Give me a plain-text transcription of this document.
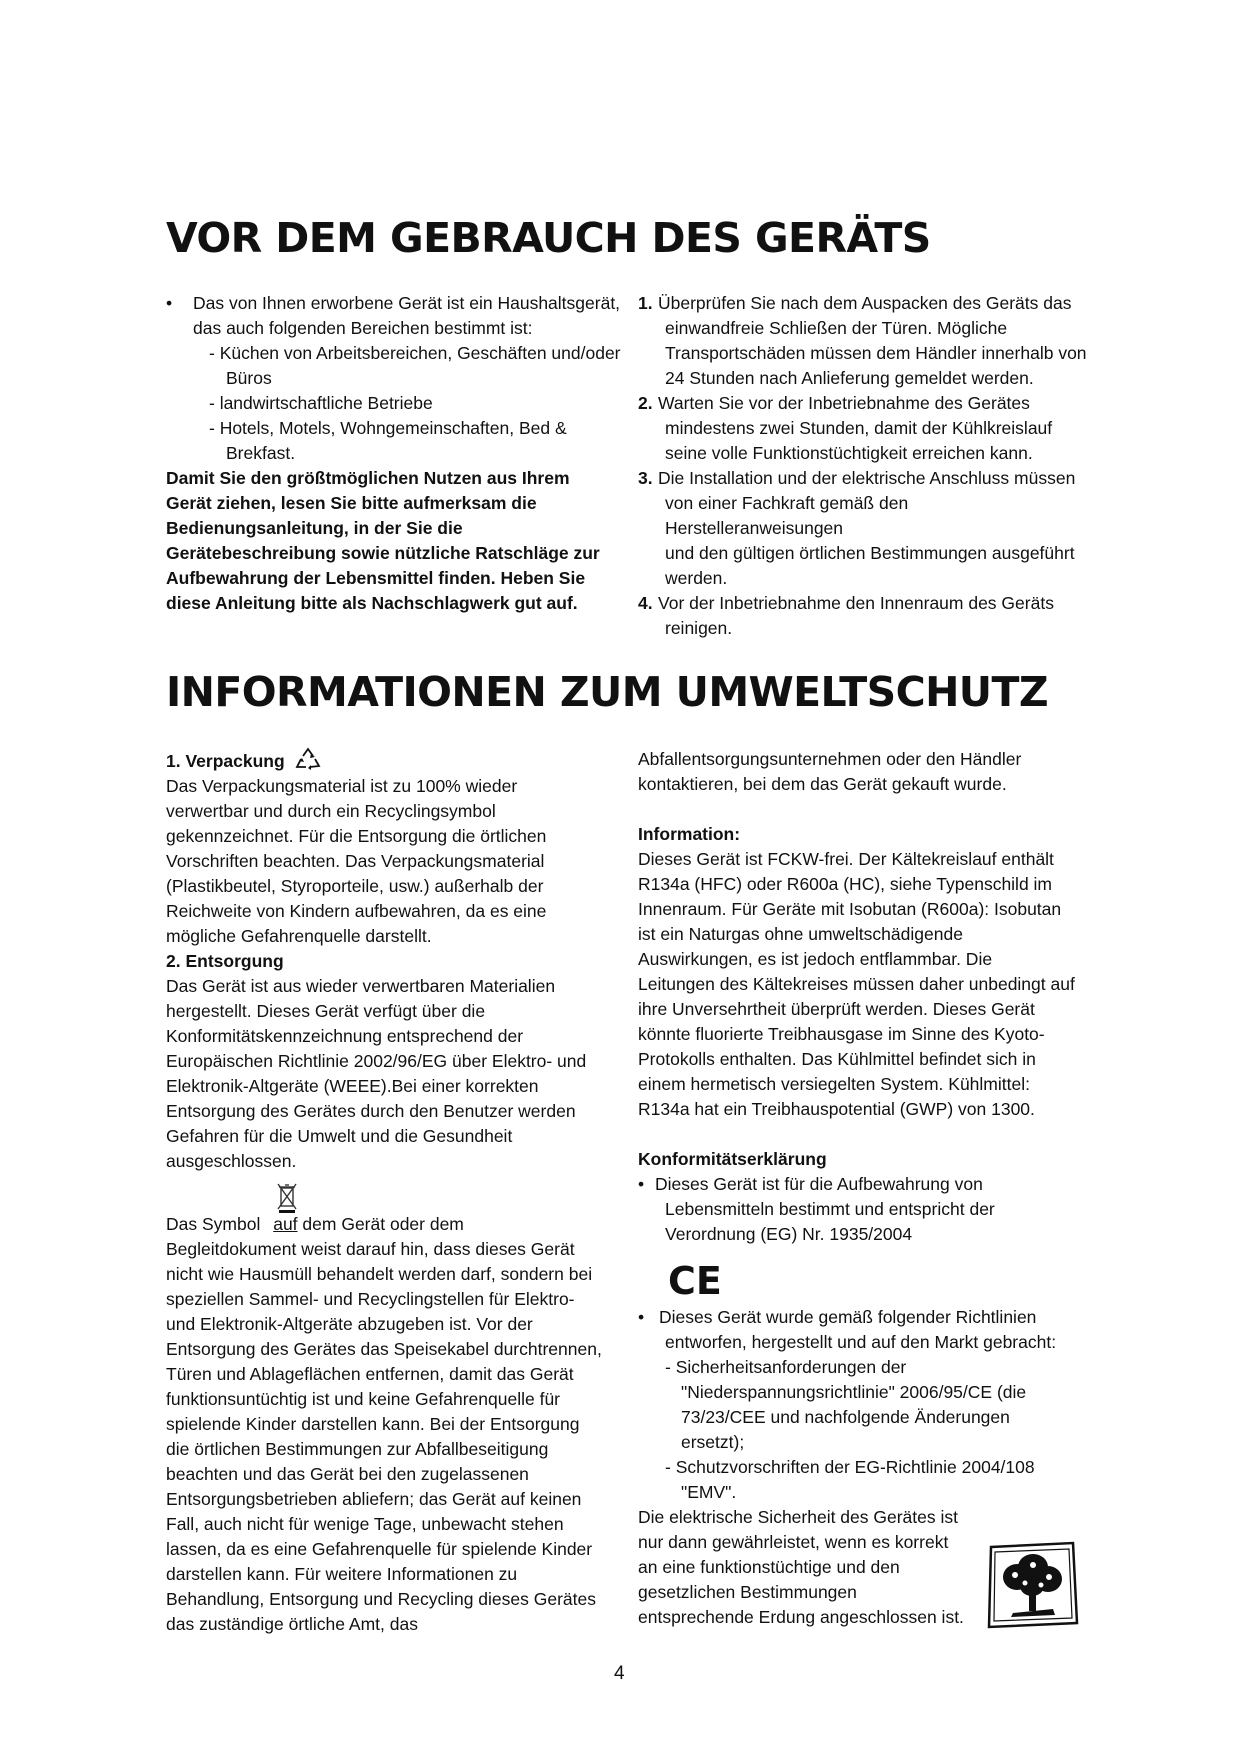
VOR DEM GEBRAUCH DES GERÄTS
•	Das von Ihnen erworbene Gerät ist ein Haushaltsgerät,

das auch folgenden Bereichen bestimmt ist:

- Küchen von Arbeitsbereichen, Geschäften und/oder

Büros

- landwirtschaftliche Betriebe

- Hotels, Motels, Wohngemeinschaften, Bed &

Brekfast.

Damit Sie den größtmöglichen Nutzen aus Ihrem

Gerät ziehen, lesen Sie bitte aufmerksam die

Bedienungsanleitung, in der Sie die

Gerätebeschreibung sowie nützliche Ratschläge zur

Aufbewahrung der Lebensmittel finden. Heben Sie

diese Anleitung bitte als Nachschlagwerk gut auf.

1. Überprüfen Sie nach dem Auspacken des Geräts das

einwandfreie Schließen der Türen. Mögliche

Transportschäden müssen dem Händler innerhalb von

24 Stunden nach Anlieferung gemeldet werden.

2. Warten Sie vor der Inbetriebnahme des Gerätes

mindestens zwei Stunden, damit der Kühlkreislauf

seine volle Funktionstüchtigkeit erreichen kann.

3. Die Installation und der elektrische Anschluss müssen

von einer Fachkraft gemäß den Herstelleranweisungen

und den gültigen örtlichen Bestimmungen ausgeführt

werden.

4. Vor der Inbetriebnahme den Innenraum des Geräts

reinigen.

INFORMATIONEN ZUM UMWELTSCHUTZ

1. Verpackung

Das Verpackungsmaterial ist zu 100% wieder

verwertbar und durch ein Recyclingsymbol

gekennzeichnet. Für die Entsorgung die örtlichen

Vorschriften beachten. Das Verpackungsmaterial

(Plastikbeutel, Styroporteile, usw.) außerhalb der

Reichweite von Kindern aufbewahren, da es eine

mögliche Gefahrenquelle darstellt.

2. Entsorgung

Das Gerät ist aus wieder verwertbaren Materialien

hergestellt. Dieses Gerät verfügt über die

Konformitätskennzeichnung entsprechend der

Europäischen Richtlinie 2002/96/EG über Elektro- und

Elektronik-Altgeräte (WEEE).Bei einer korrekten

Entsorgung des Gerätes durch den Benutzer werden

Gefahren für die Umwelt und die Gesundheit

ausgeschlossen.

Das Symbol auf dem Gerät oder dem

Begleitdokument weist darauf hin, dass dieses Gerät

nicht wie Hausmüll behandelt werden darf, sondern bei

speziellen Sammel- und Recyclingstellen für Elektro-

und Elektronik-Altgeräte abzugeben ist. Vor der

Entsorgung des Gerätes das Speisekabel durchtrennen,

Türen und Ablageflächen entfernen, damit das Gerät

funktionsuntüchtig ist und keine Gefahrenquelle für

spielende Kinder darstellen kann. Bei der Entsorgung

die örtlichen Bestimmungen zur Abfallbeseitigung

beachten und das Gerät bei den zugelassenen

Entsorgungsbetrieben abliefern; das Gerät auf keinen

Fall, auch nicht für wenige Tage, unbewacht stehen

lassen, da es eine Gefahrenquelle für spielende Kinder

darstellen kann. Für weitere Informationen zu

Behandlung, Entsorgung und Recycling dieses Gerätes

das zuständige örtliche Amt, das

Abfallentsorgungsunternehmen oder den Händler

kontaktieren, bei dem das Gerät gekauft wurde.

Information:

Dieses Gerät ist FCKW-frei. Der Kältekreislauf enthält

R134a (HFC) oder R600a (HC), siehe Typenschild im

Innenraum. Für Geräte mit Isobutan (R600a): Isobutan

ist ein Naturgas ohne umweltschädigende

Auswirkungen, es ist jedoch entflammbar. Die

Leitungen des Kältekreises müssen daher unbedingt auf

ihre Unversehrtheit überprüft werden. Dieses Gerät

könnte fluorierte Treibhausgase im Sinne des Kyoto-

Protokolls enthalten. Das Kühlmittel befindet sich in

einem hermetisch versiegelten System. Kühlmittel:

R134a hat ein Treibhauspotential (GWP) von 1300.

Konformitätserklärung

• Dieses Gerät ist für die Aufbewahrung von

Lebensmitteln bestimmt und entspricht der

Verordnung (EG) Nr. 1935/2004

CE
• Dieses Gerät wurde gemäß folgender Richtlinien

entworfen, hergestellt und auf den Markt gebracht:

- Sicherheitsanforderungen der

"Niederspannungsrichtlinie" 2006/95/CE (die

73/23/CEE und nachfolgende Änderungen

ersetzt);

- Schutzvorschriften der EG-Richtlinie 2004/108

"EMV".

Die elektrische Sicherheit des Gerätes ist

nur dann gewährleistet, wenn es korrekt

an eine funktionstüchtige und den

gesetzlichen Bestimmungen

entsprechende Erdung angeschlossen ist.

4
